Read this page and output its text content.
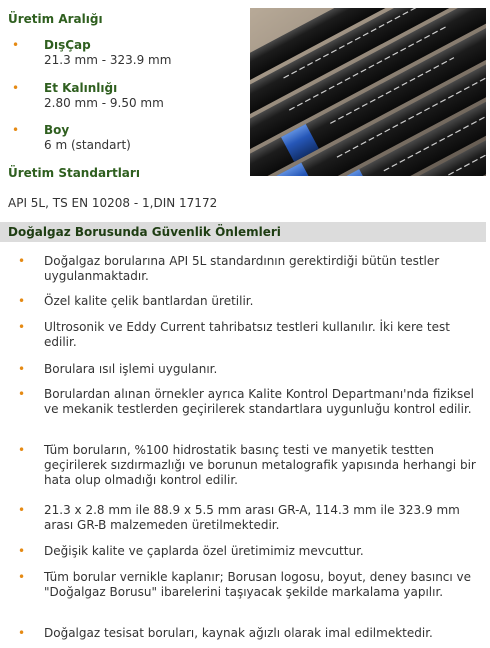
Üretim Aralığı
• DışÇap
21.3 mm - 323.9 mm
• Et Kalınlığı
2.80 mm - 9.50 mm
• Boy
6 m (standart)
Üretim Standartları
API 5L, TS EN 10208 - 1,DIN 17172
Doğalgaz Borusunda Güvenlik Önlemleri
• Doğalgaz borularına API 5L standardının gerektirdiği bütün testler uygulanmaktadır.
• Özel kalite çelik bantlardan üretilir.
• Ultrosonik ve Eddy Current tahribatsız testleri kullanılır. İki kere test edilir.
• Borulara ısıl işlemi uygulanır.
• Borulardan alınan örnekler ayrıca Kalite Kontrol Departmanı'nda fiziksel ve mekanik testlerden geçirilerek standartlara uygunluğu kontrol edilir.
• Tüm boruların, %100 hidrostatik basınç testi ve manyetik testten geçirilerek sızdırmazlığı ve borunun metalografik yapısında herhangi bir hata olup olmadığı kontrol edilir.
• 21.3 x 2.8 mm ile 88.9 x 5.5 mm arası GR-A, 114.3 mm ile 323.9 mm arası GR-B malzemeden üretilmektedir.
• Değişik kalite ve çaplarda özel üretimimiz mevcuttur.
• Tüm borular vernikle kaplanır; Borusan logosu, boyut, deney basıncı ve "Doğalgaz Borusu" ibarelerini taşıyacak şekilde markalama yapılır.
• Doğalgaz tesisat boruları, kaynak ağızlı olarak imal edilmektedir.
